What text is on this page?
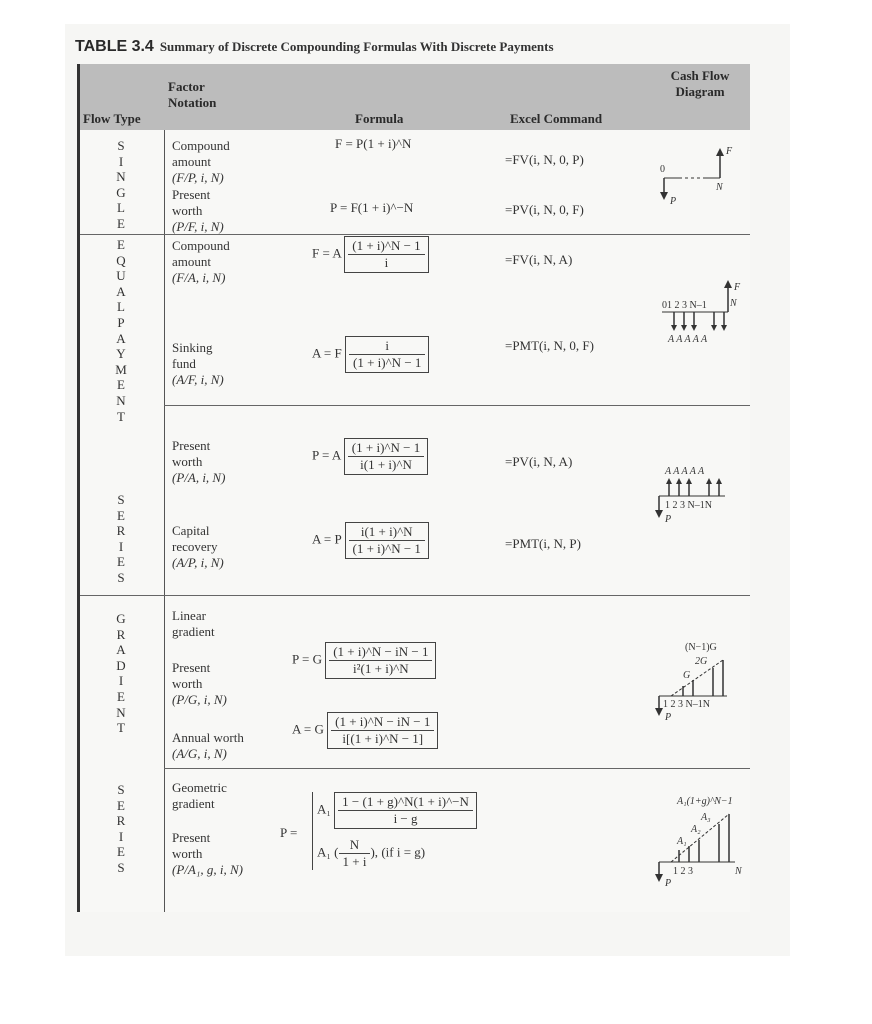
TABLE 3.4 Summary of Discrete Compounding Formulas With Discrete Payments
Flow Type
Factor Notation
Formula	Excel Command
Cash Flow Diagram
S
I
N
G
L
E
E
Q
U
A
L
P
A
Y
M
E
N
T
S
E
R
I
E
S
G
R
A
D
I
E
N
T
S
E
R
I
E
S
Compound
amount
(F/P, i, N)
Present
worth
(P/F, i, N)
Compound
amount
(F/A, i, N)
Sinking
fund
(A/F, i, N)
Present
worth
(P/A, i, N)
Capital
recovery
(A/P, i, N)
Linear
gradient
Present
worth
(P/G, i, N)
Annual worth
(A/G, i, N)
Geometric
gradient
Present
worth
(P/A₁, g, i, N)
F = P(1 + i)^N
P = F(1 + i)^−N
F = A $\frac{(1 + i)\^{}N - 1}{i}$
A = F $\frac{i}{(1 + i)\^{}N - 1}$
P = A $\frac{(1 + i)\^{}N - 1}{i(1 + i)\^{}N}$
A = P $\frac{i(1 + i)\^{}N}{(1 + i)\^{}N - 1}$
P = G $\frac{(1 + i)\^{}N - iN - 1}{\text{i²(1 + i)\textasciicircum{}N}}$
A = G $\frac{(1 + i)\^{}N - iN - 1}{i[(1 + i)\^{}N - 1]}$
P =
$A_1 \frac{1 - (1 + g)\^{}N(1 + i)\^{}-N}{i - g}$
A₁ ( $\frac{N}{1 + i}$ ), (if i = g)
=FV(i, N, 0, P)
=PV(i, N, 0, F)
=FV(i, N, A)
=PMT(i, N, 0, F)
=PV(i, N, A)
=PMT(i, N, P)
F
0
N
P
01 2 3 N–1
F
N
A A A A A
A A A A A
1 2 3 N–1N
P
(N−1)G
2G
G
1 2 3 N–1N
P
A₁(1+g)^N−1
A₃
A₂
A₁
1 2 3	N
P
